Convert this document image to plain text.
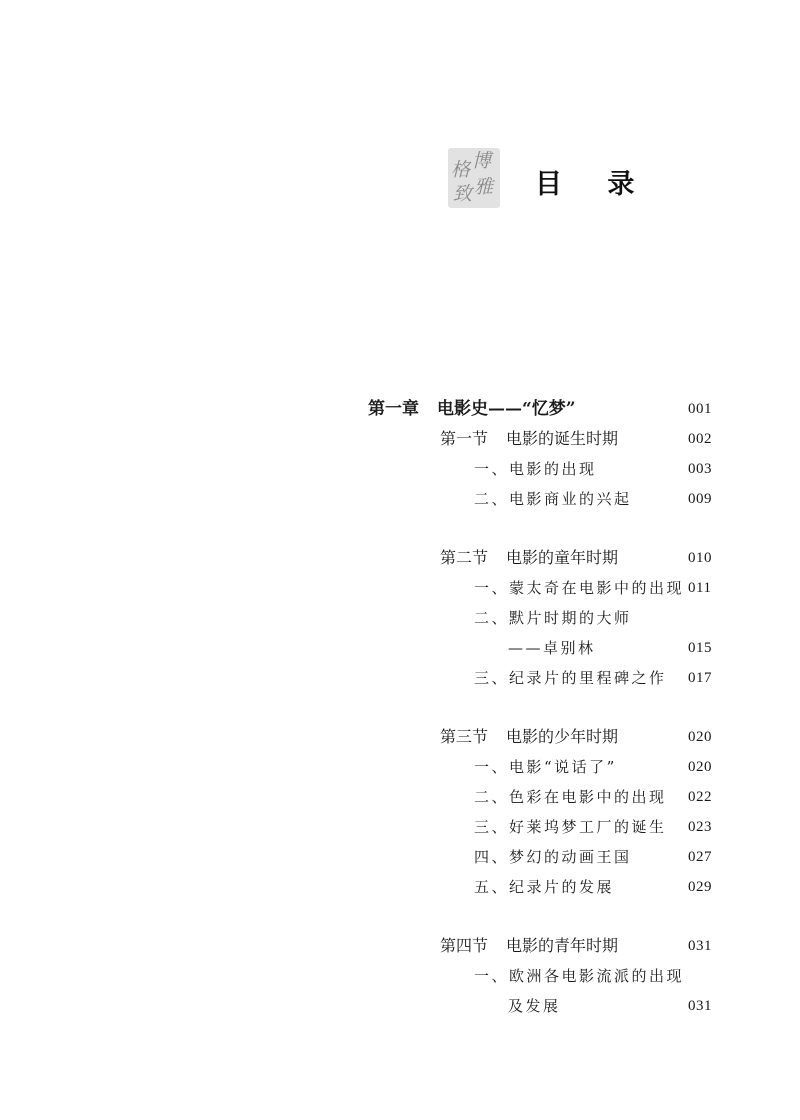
博
格
雅
致 目 录
第一章 电影史——“忆梦”	001
第一节 电影的诞生时期	002
一、电影的出现	003
二、电影商业的兴起	009
第二节 电影的童年时期	010
一、蒙太奇在电影中的出现 011
二、默片时期的大师
——卓别林	015
三、纪录片的里程碑之作 017
第三节 电影的少年时期	020
一、电影“说话了”	020
二、色彩在电影中的出现 022
三、好莱坞梦工厂的诞生 023
四、梦幻的动画王国	027
五、纪录片的发展	029
第四节 电影的青年时期	031
一、欧洲各电影流派的出现
及发展	031
